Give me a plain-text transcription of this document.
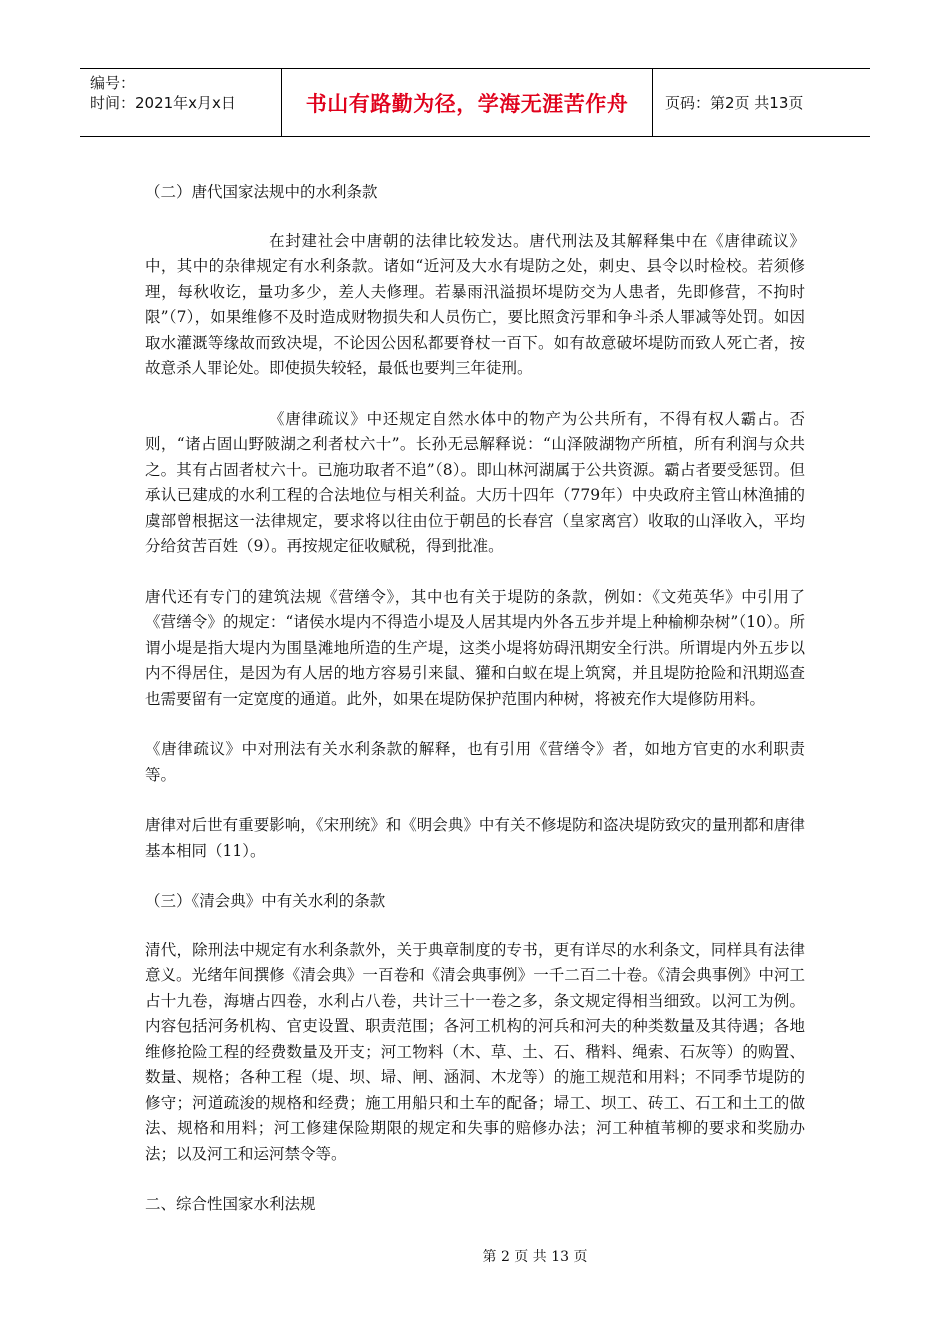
编号：
时间：2021年x月x日	书山有路勤为径，学海无涯苦作舟	页码：第2页 共13页

（二）唐代国家法规中的水利条款

在封建社会中唐朝的法律比较发达。唐代刑法及其解释集中在《唐律疏议》中，其中的杂律规定有水利条款。诸如“近河及大水有堤防之处，刺史、县令以时检校。若须修理，每秋收讫，量功多少，差人夫修理。若暴雨汛溢损坏堤防交为人患者，先即修营，不拘时限”（7），如果维修不及时造成财物损失和人员伤亡，要比照贪污罪和争斗杀人罪减等处罚。如因取水灌溉等缘故而致决堤，不论因公因私都要脊杖一百下。如有故意破坏堤防而致人死亡者，按故意杀人罪论处。即使损失较轻，最低也要判三年徒刑。

《唐律疏议》中还规定自然水体中的物产为公共所有，不得有权人霸占。否则，“诸占固山野陂湖之利者杖六十”。长孙无忌解释说：“山泽陂湖物产所植，所有利润与众共之。其有占固者杖六十。已施功取者不追”（8）。即山林河湖属于公共资源。霸占者要受惩罚。但承认已建成的水利工程的合法地位与相关利益。大历十四年（779年）中央政府主管山林渔捕的虞部曾根据这一法律规定，要求将以往由位于朝邑的长春宫（皇家离宫）收取的山泽收入，平均分给贫苦百姓（9）。再按规定征收赋税，得到批准。

唐代还有专门的建筑法规《营缮令》，其中也有关于堤防的条款，例如：《文苑英华》中引用了《营缮令》的规定：“诸侯水堤内不得造小堤及人居其堤内外各五步并堤上种榆柳杂树”（10）。所谓小堤是指大堤内为围垦滩地所造的生产堤，这类小堤将妨碍汛期安全行洪。所谓堤内外五步以内不得居住，是因为有人居的地方容易引来鼠、獾和白蚁在堤上筑窝，并且堤防抢险和汛期巡查也需要留有一定宽度的通道。此外，如果在堤防保护范围内种树，将被充作大堤修防用料。

《唐律疏议》中对刑法有关水利条款的解释，也有引用《营缮令》者，如地方官吏的水利职责等。

唐律对后世有重要影响，《宋刑统》和《明会典》中有关不修堤防和盗决堤防致灾的量刑都和唐律基本相同（11）。

（三）《清会典》中有关水利的条款

清代，除刑法中规定有水利条款外，关于典章制度的专书，更有详尽的水利条文，同样具有法律意义。光绪年间撰修《清会典》一百卷和《清会典事例》一千二百二十卷。《清会典事例》中河工占十九卷，海塘占四卷，水利占八卷，共计三十一卷之多，条文规定得相当细致。以河工为例。内容包括河务机构、官吏设置、职责范围；各河工机构的河兵和河夫的种类数量及其待遇；各地维修抢险工程的经费数量及开支；河工物料（木、草、土、石、稭料、绳索、石灰等）的购置、数量、规格；各种工程（堤、坝、埽、闸、涵洞、木龙等）的施工规范和用料；不同季节堤防的修守；河道疏浚的规格和经费；施工用船只和土车的配备；埽工、坝工、砖工、石工和土工的做法、规格和用料；河工修建保险期限的规定和失事的赔修办法；河工种植苇柳的要求和奖励办法；以及河工和运河禁令等。

二、综合性国家水利法规

第 2 页 共 13 页
